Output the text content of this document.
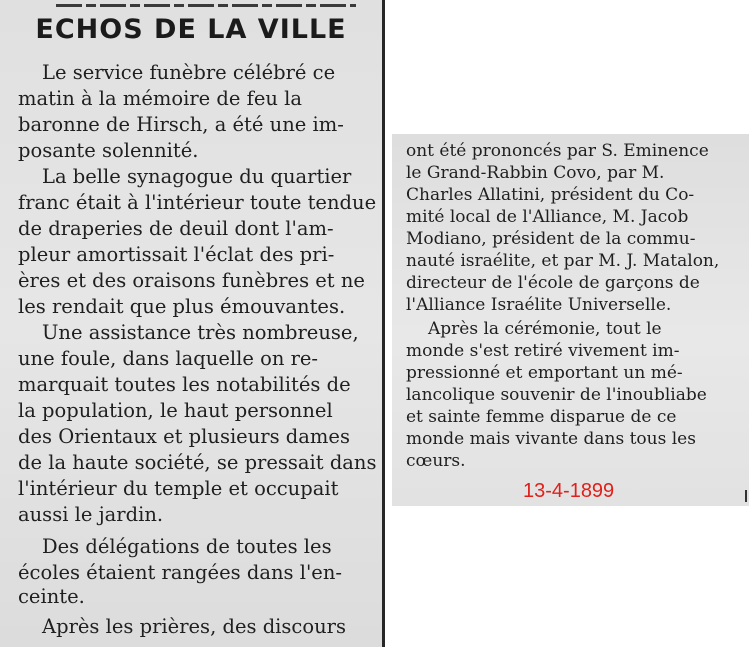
ECHOS DE LA VILLE
Le service funèbre célébré ce
matin à la mémoire de feu la
baronne de Hirsch, a été une im-
posante solennité.
La belle synagogue du quartier
franc était à l'intérieur toute tendue
de draperies de deuil dont l'am-
pleur amortissait l'éclat des pri-
ères et des oraisons funèbres et ne
les rendait que plus émouvantes.
Une assistance très nombreuse,
une foule, dans laquelle on re-
marquait toutes les notabilités de
la population, le haut personnel
des Orientaux et plusieurs dames
de la haute société, se pressait dans
l'intérieur du temple et occupait
aussi le jardin.
Des délégations de toutes les
écoles étaient rangées dans l'en-
ceinte.
Après les prières, des discours
ont été prononcés par S. Eminence
le Grand-Rabbin Covo, par M.
Charles Allatini, président du Co-
mité local de l'Alliance, M. Jacob
Modiano, président de la commu-
nauté israélite, et par M. J. Matalon,
directeur de l'école de garçons de
l'Alliance Israélite Universelle.
Après la cérémonie, tout le
monde s'est retiré vivement im-
pressionné et emportant un mé-
lancolique souvenir de l'inoubliabe
et sainte femme disparue de ce
monde mais vivante dans tous les
cœurs.
13-4-1899
